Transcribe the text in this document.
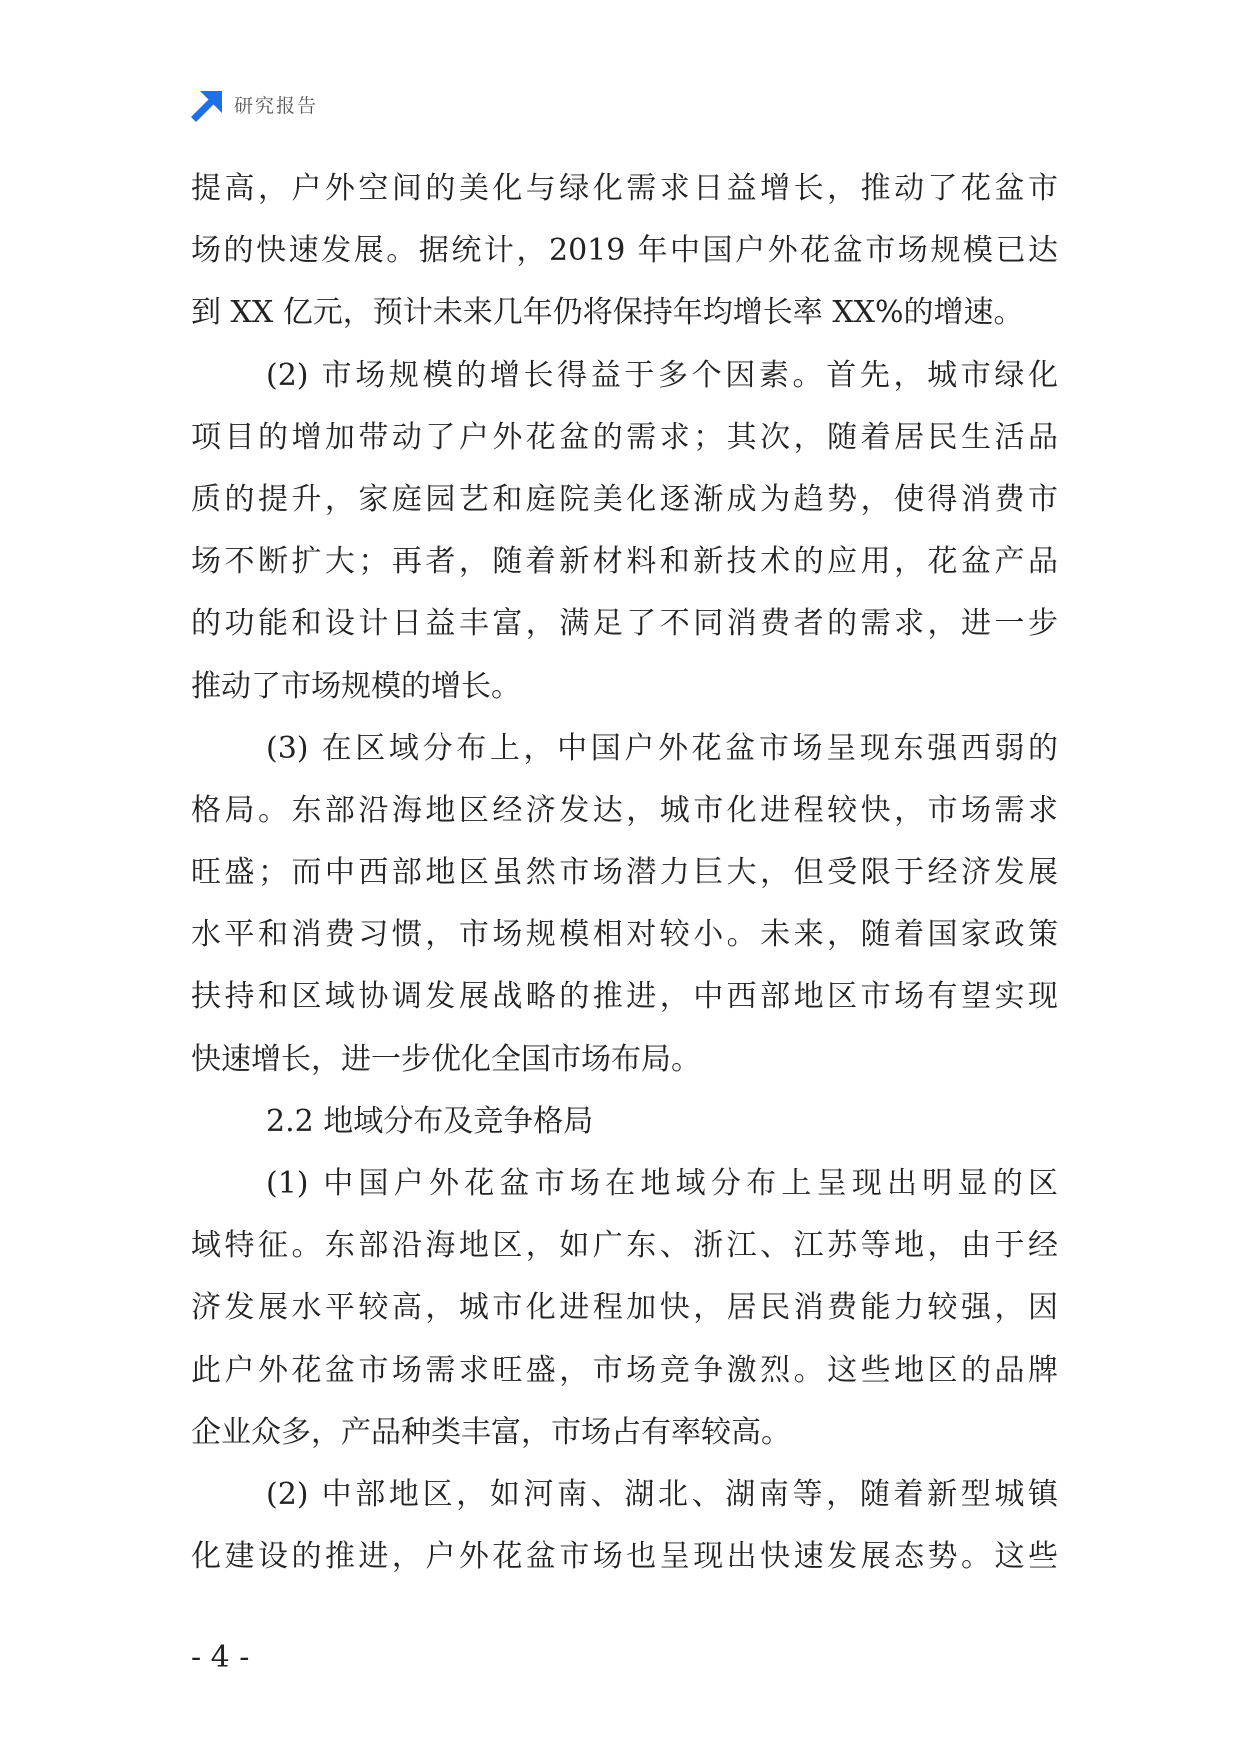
研究报告
提高，户外空间的美化与绿化需求日益增长，推动了花盆市
场的快速发展。据统计，2019 年中国户外花盆市场规模已达
到 XX 亿元，预计未来几年仍将保持年均增长率 XX%的增速。
(2) 市场规模的增长得益于多个因素。首先，城市绿化
项目的增加带动了户外花盆的需求；其次，随着居民生活品
质的提升，家庭园艺和庭院美化逐渐成为趋势，使得消费市
场不断扩大；再者，随着新材料和新技术的应用，花盆产品
的功能和设计日益丰富，满足了不同消费者的需求，进一步
推动了市场规模的增长。
(3) 在区域分布上，中国户外花盆市场呈现东强西弱的
格局。东部沿海地区经济发达，城市化进程较快，市场需求
旺盛；而中西部地区虽然市场潜力巨大，但受限于经济发展
水平和消费习惯，市场规模相对较小。未来，随着国家政策
扶持和区域协调发展战略的推进，中西部地区市场有望实现
快速增长，进一步优化全国市场布局。
2.2 地域分布及竞争格局
(1) 中国户外花盆市场在地域分布上呈现出明显的区
域特征。东部沿海地区，如广东、浙江、江苏等地，由于经
济发展水平较高，城市化进程加快，居民消费能力较强，因
此户外花盆市场需求旺盛，市场竞争激烈。这些地区的品牌
企业众多，产品种类丰富，市场占有率较高。
(2) 中部地区，如河南、湖北、湖南等，随着新型城镇
化建设的推进，户外花盆市场也呈现出快速发展态势。这些
- 4 -
